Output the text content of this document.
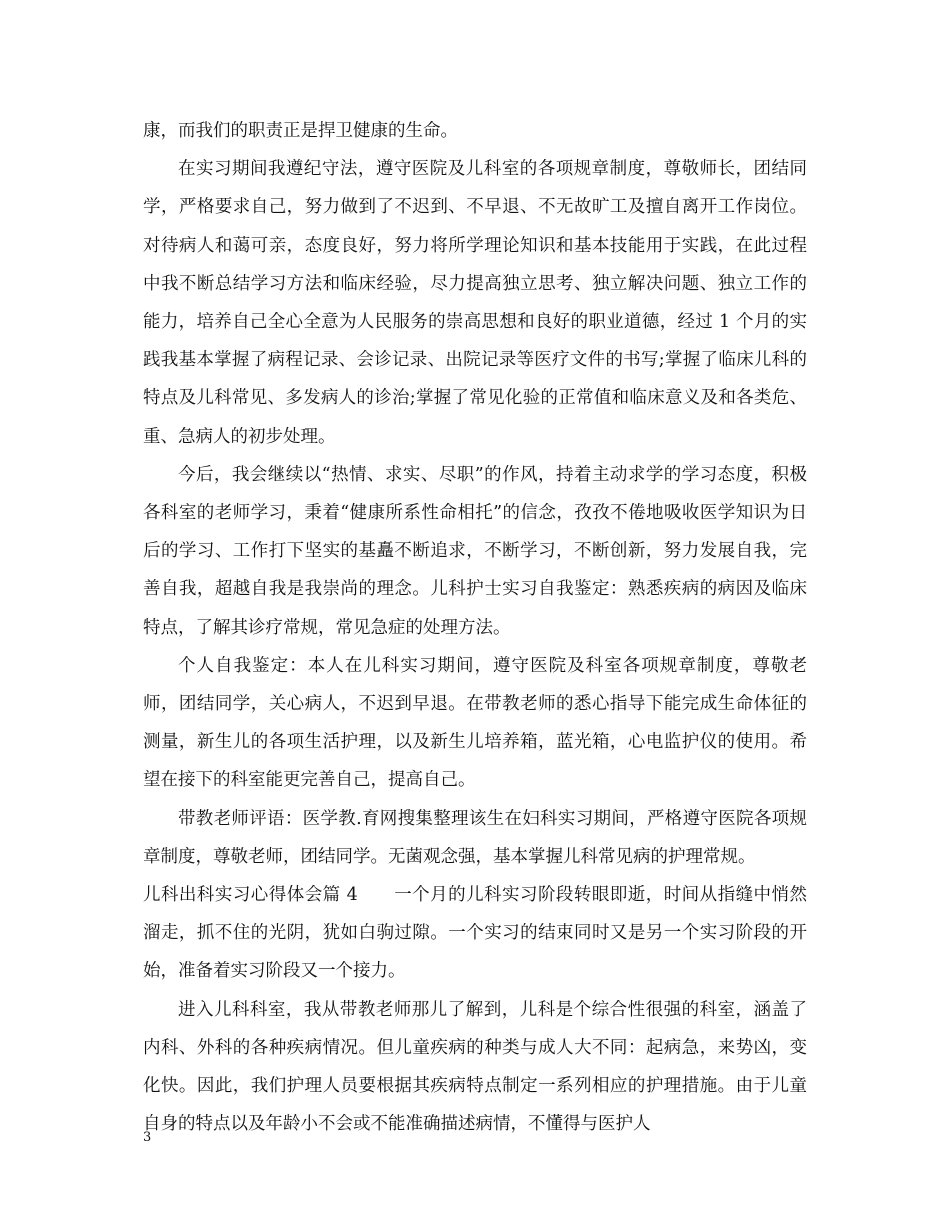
康，而我们的职责正是捍卫健康的生命。

在实习期间我遵纪守法，遵守医院及儿科室的各项规章制度，尊敬师长，团结同学，严格要求自己，努力做到了不迟到、不早退、不无故旷工及擅自离开工作岗位。对待病人和蔼可亲，态度良好，努力将所学理论知识和基本技能用于实践，在此过程中我不断总结学习方法和临床经验，尽力提高独立思考、独立解决问题、独立工作的能力，培养自己全心全意为人民服务的崇高思想和良好的职业道德，经过 1 个月的实践我基本掌握了病程记录、会诊记录、出院记录等医疗文件的书写;掌握了临床儿科的特点及儿科常见、多发病人的诊治;掌握了常见化验的正常值和临床意义及和各类危、重、急病人的初步处理。

今后，我会继续以“热情、求实、尽职”的作风，持着主动求学的学习态度，积极各科室的老师学习，秉着“健康所系性命相托”的信念，孜孜不倦地吸收医学知识为日后的学习、工作打下坚实的基矗不断追求，不断学习，不断创新，努力发展自我，完善自我，超越自我是我崇尚的理念。儿科护士实习自我鉴定：熟悉疾病的病因及临床特点，了解其诊疗常规，常见急症的处理方法。

个人自我鉴定：本人在儿科实习期间，遵守医院及科室各项规章制度，尊敬老师，团结同学，关心病人，不迟到早退。在带教老师的悉心指导下能完成生命体征的测量，新生儿的各项生活护理，以及新生儿培养箱，蓝光箱，心电监护仪的使用。希望在接下的科室能更完善自己，提高自己。

带教老师评语：医学教.育网搜集整理该生在妇科实习期间，严格遵守医院各项规章制度，尊敬老师，团结同学。无菌观念强，基本掌握儿科常见病的护理常规。

儿科出科实习心得体会篇 4　　一个月的儿科实习阶段转眼即逝，时间从指缝中悄然溜走，抓不住的光阴，犹如白驹过隙。一个实习的结束同时又是另一个实习阶段的开始，准备着实习阶段又一个接力。

进入儿科科室，我从带教老师那儿了解到，儿科是个综合性很强的科室，涵盖了内科、外科的各种疾病情况。但儿童疾病的种类与成人大不同：起病急，来势凶，变化快。因此，我们护理人员要根据其疾病特点制定一系列相应的护理措施。由于儿童自身的特点以及年龄小不会或不能准确描述病情，不懂得与医护人

3
